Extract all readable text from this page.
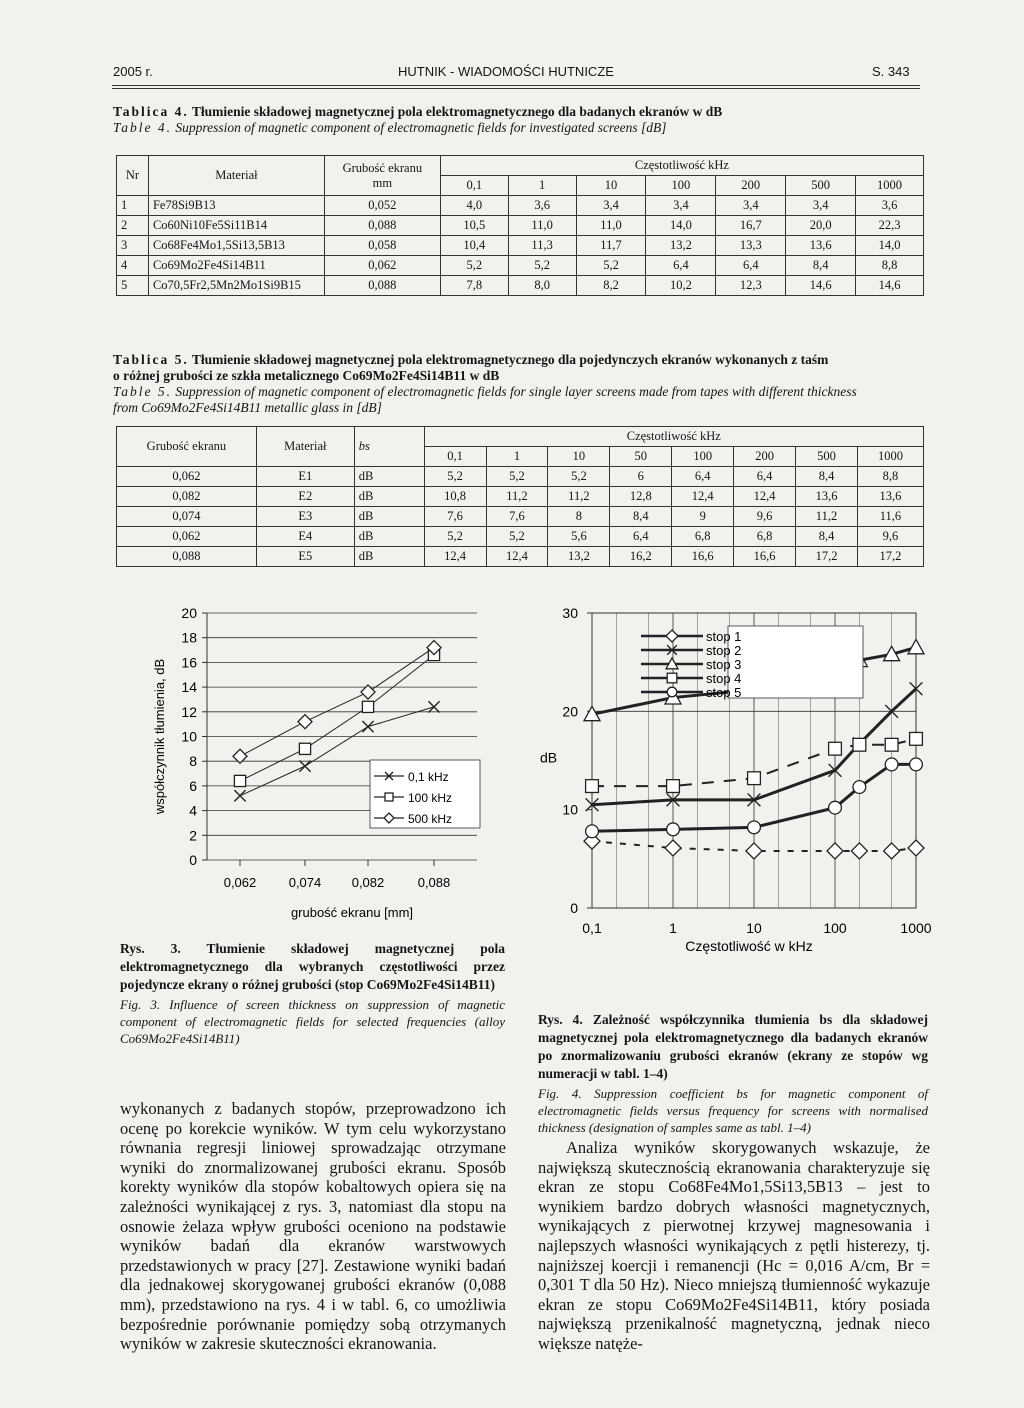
2005 r.	HUTNIK - WIADOMOŚCI HUTNICZE	S. 343
Tablica 4. Tłumienie składowej magnetycznej pola elektromagnetycznego dla badanych ekranów w dB
Table 4. Suppression of magnetic component of electromagnetic fields for investigated screens [dB]
Nr	Materiał	Grubość ekranu
mm	Częstotliwość kHz						
			0,1	1	10	100	200	500	1000
1	Fe78Si9B13	0,052	4,0	3,6	3,4	3,4	3,4	3,4	3,6
2	Co60Ni10Fe5Si11B14	0,088	10,5	11,0	11,0	14,0	16,7	20,0	22,3
3	Co68Fe4Mo1,5Si13,5B13	0,058	10,4	11,3	11,7	13,2	13,3	13,6	14,0
4	Co69Mo2Fe4Si14B11	0,062	5,2	5,2	5,2	6,4	6,4	8,4	8,8
5	Co70,5Fr2,5Mn2Mo1Si9B15	0,088	7,8	8,0	8,2	10,2	12,3	14,6	14,6
Tablica 5. Tłumienie składowej magnetycznej pola elektromagnetycznego dla pojedynczych ekranów wykonanych z taśm
o różnej grubości ze szkła metalicznego Co69Mo2Fe4Si14B11 w dB
Table 5. Suppression of magnetic component of electromagnetic fields for single layer screens made from tapes with different thickness
from Co69Mo2Fe4Si14B11 metallic glass in [dB]
Grubość ekranu	Materiał	bs	Częstotliwość kHz							
			0,1	1	10	50	100	200	500	1000
0,062	E1	dB	5,2	5,2	5,2	6	6,4	6,4	8,4	8,8
0,082	E2	dB	10,8	11,2	11,2	12,8	12,4	12,4	13,6	13,6
0,074	E3	dB	7,6	7,6	8	8,4	9	9,6	11,2	11,6
0,062	E4	dB	5,2	5,2	5,6	6,4	6,8	6,8	8,4	9,6
0,088	E5	dB	12,4	12,4	13,2	16,2	16,6	16,6	17,2	17,2
0
2
4
6
8
10
12
14
16
18
20
0,062 0,074 0,082	0,088
grubość ekranu [mm]
współczynnik tłumienia, dB	0,1 kHz
100 kHz
500 kHz
0
10
20
30
0,1	1	10	100	1000
Częstotliwość w kHz
dB
stop 1
stop 2
stop 3
stop 4
stop 5
Rys. 3. Tłumienie składowej magnetycznej pola elektromagnetycznego dla wybranych częstotliwości przez pojedyncze ekrany o różnej grubości (stop Co69Mo2Fe4Si14B11)
Fig. 3. Influence of screen thickness on suppression of magnetic component of electromagnetic fields for selected frequencies (alloy Co69Mo2Fe4Si14B11)
Rys. 4. Zależność współczynnika tłumienia bs dla składowej magnetycznej pola elektromagnetycznego dla badanych ekranów po znormalizowaniu grubości ekranów (ekrany ze stopów wg numeracji w tabl. 1–4)
Fig. 4. Suppression coefficient bs for magnetic component of electromagnetic fields versus frequency for screens with normalised thickness (designation of samples same as tabl. 1–4)
wykonanych z badanych stopów, przeprowadzono ich ocenę po korekcie wyników. W tym celu wykorzystano równania regresji liniowej sprowadzając otrzymane wyniki do znormalizowanej grubości ekranu. Sposób korekty wyników dla stopów kobaltowych opiera się na zależności wynikającej z rys. 3, natomiast dla stopu na osnowie żelaza wpływ grubości oceniono na podstawie wyników badań dla ekranów warstwowych przedstawionych w pracy [27]. Zestawione wyniki badań dla jednakowej skorygowanej grubości ekranów (0,088 mm), przedstawiono na rys. 4 i w tabl. 6, co umożliwia bezpośrednie porównanie pomiędzy sobą otrzymanych wyników w zakresie skuteczności ekranowania.
Analiza wyników skorygowanych wskazuje, że największą skutecznością ekranowania charakteryzuje się ekran ze stopu Co68Fe4Mo1,5Si13,5B13 – jest to wynikiem bardzo dobrych własności magnetycznych, wynikających z pierwotnej krzywej magnesowania i najlepszych własności wynikających z pętli histerezy, tj. najniższej koercji i remanencji (Hc = 0,016 A/cm, Br = 0,301 T dla 50 Hz). Nieco mniejszą tłumienność wykazuje ekran ze stopu Co69Mo2Fe4Si14B11, który posiada największą przenikalność magnetyczną, jednak nieco większe natęże-
